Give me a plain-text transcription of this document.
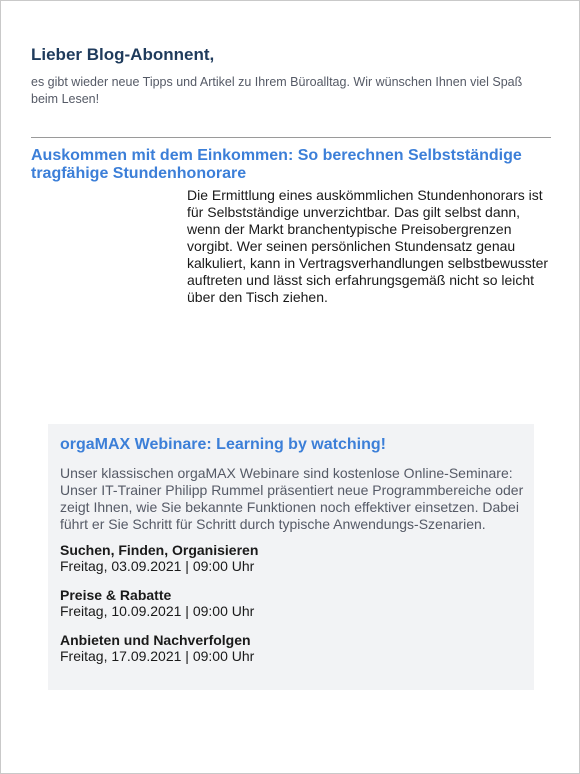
Lieber Blog-Abonnent,

es gibt wieder neue Tipps und Artikel zu Ihrem Büroalltag. Wir wünschen Ihnen viel Spaß beim Lesen!

Auskommen mit dem Einkommen: So berechnen Selbstständige tragfähige Stundenhonorare

Die Ermittlung eines auskömmlichen Stundenhonorars ist für Selbstständige unverzichtbar. Das gilt selbst dann, wenn der Markt branchentypische Preisobergrenzen vorgibt. Wer seinen persönlichen Stundensatz genau kalkuliert, kann in Vertragsverhandlungen selbstbewusster auftreten und lässt sich erfahrungsgemäß nicht so leicht über den Tisch ziehen.

orgaMAX Webinare: Learning by watching!

Unser klassischen orgaMAX Webinare sind kostenlose Online-Seminare: Unser IT-Trainer Philipp Rummel präsentiert neue Programmbereiche oder zeigt Ihnen, wie Sie bekannte Funktionen noch effektiver einsetzen. Dabei führt er Sie Schritt für Schritt durch typische Anwendungs-Szenarien.

Suchen, Finden, Organisieren
Freitag, 03.09.2021 | 09:00 Uhr
Preise & Rabatte
Freitag, 10.09.2021 | 09:00 Uhr
Anbieten und Nachverfolgen
Freitag, 17.09.2021 | 09:00 Uhr
